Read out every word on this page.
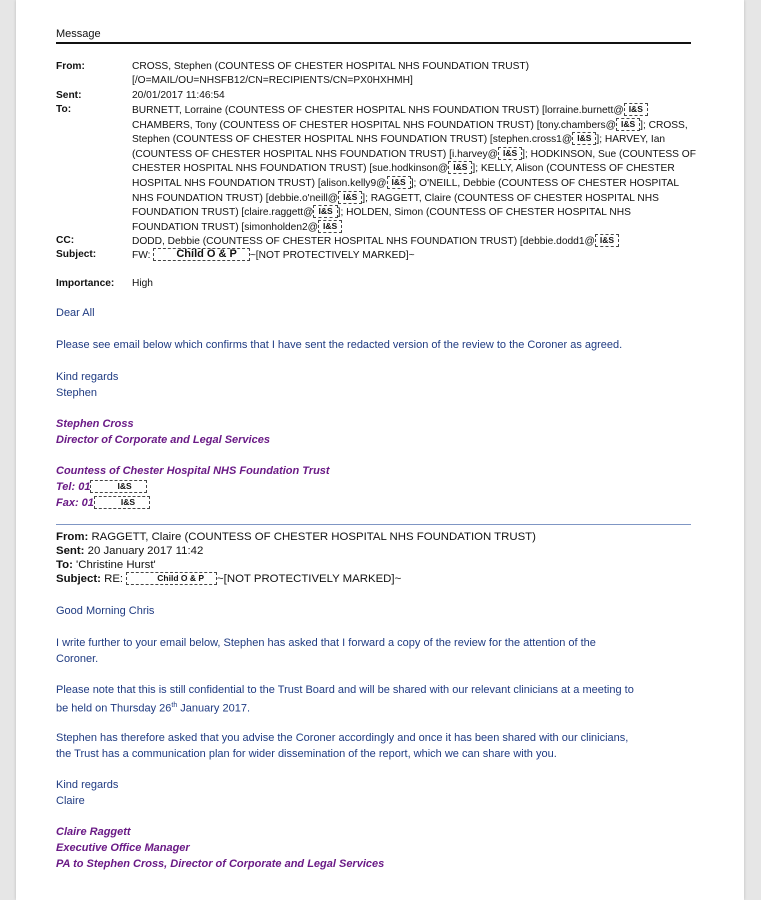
Message
From:	CROSS, Stephen (COUNTESS OF CHESTER HOSPITAL NHS FOUNDATION TRUST)
[/O=MAIL/OU=NHSFB12/CN=RECIPIENTS/CN=PX0HXHMH]
Sent:	20/01/2017 11:46:54
To:	BURNETT, Lorraine (COUNTESS OF CHESTER HOSPITAL NHS FOUNDATION TRUST) [lorraine.burnett@ I&S
CHAMBERS, Tony (COUNTESS OF CHESTER HOSPITAL NHS FOUNDATION TRUST) [tony.chambers@ I&S ]; CROSS,
Stephen (COUNTESS OF CHESTER HOSPITAL NHS FOUNDATION TRUST) [stephen.cross1@ I&S ]; HARVEY, Ian
(COUNTESS OF CHESTER HOSPITAL NHS FOUNDATION TRUST) [i.harvey@ I&S ]; HODKINSON, Sue (COUNTESS OF
CHESTER HOSPITAL NHS FOUNDATION TRUST) [sue.hodkinson@ I&S ]; KELLY, Alison (COUNTESS OF CHESTER
HOSPITAL NHS FOUNDATION TRUST) [alison.kelly9@ I&S ]; O'NEILL, Debbie (COUNTESS OF CHESTER HOSPITAL
NHS FOUNDATION TRUST) [debbie.o'neill@ I&S ]; RAGGETT, Claire (COUNTESS OF CHESTER HOSPITAL NHS
FOUNDATION TRUST) [claire.raggett@ I&S ]; HOLDEN, Simon (COUNTESS OF CHESTER HOSPITAL NHS
FOUNDATION TRUST) [simonholden2@ I&S
CC:	DODD, Debbie (COUNTESS OF CHESTER HOSPITAL NHS FOUNDATION TRUST) [debbie.dodd1@ I&S
Subject:	FW: Child O & P ~[NOT PROTECTIVELY MARKED]~
Importance: High
Dear All
Please see email below which confirms that I have sent the redacted version of the review to the Coroner as agreed.
Kind regards
Stephen
Stephen Cross
Director of Corporate and Legal Services
Countess of Chester Hospital NHS Foundation Trust
Tel: 01	I&S
Fax: 01	I&S
From: RAGGETT, Claire (COUNTESS OF CHESTER HOSPITAL NHS FOUNDATION TRUST)
Sent: 20 January 2017 11:42
To: 'Christine Hurst'
Subject: RE:	Child O & P ~[NOT PROTECTIVELY MARKED]~
Good Morning Chris
I write further to your email below, Stephen has asked that I forward a copy of the review for the attention of the
Coroner.
Please note that this is still confidential to the Trust Board and will be shared with our relevant clinicians at a meeting to
be held on Thursday 26th January 2017.
Stephen has therefore asked that you advise the Coroner accordingly and once it has been shared with our clinicians,
the Trust has a communication plan for wider dissemination of the report, which we can share with you.
Kind regards
Claire
Claire Raggett
Executive Office Manager
PA to Stephen Cross, Director of Corporate and Legal Services
